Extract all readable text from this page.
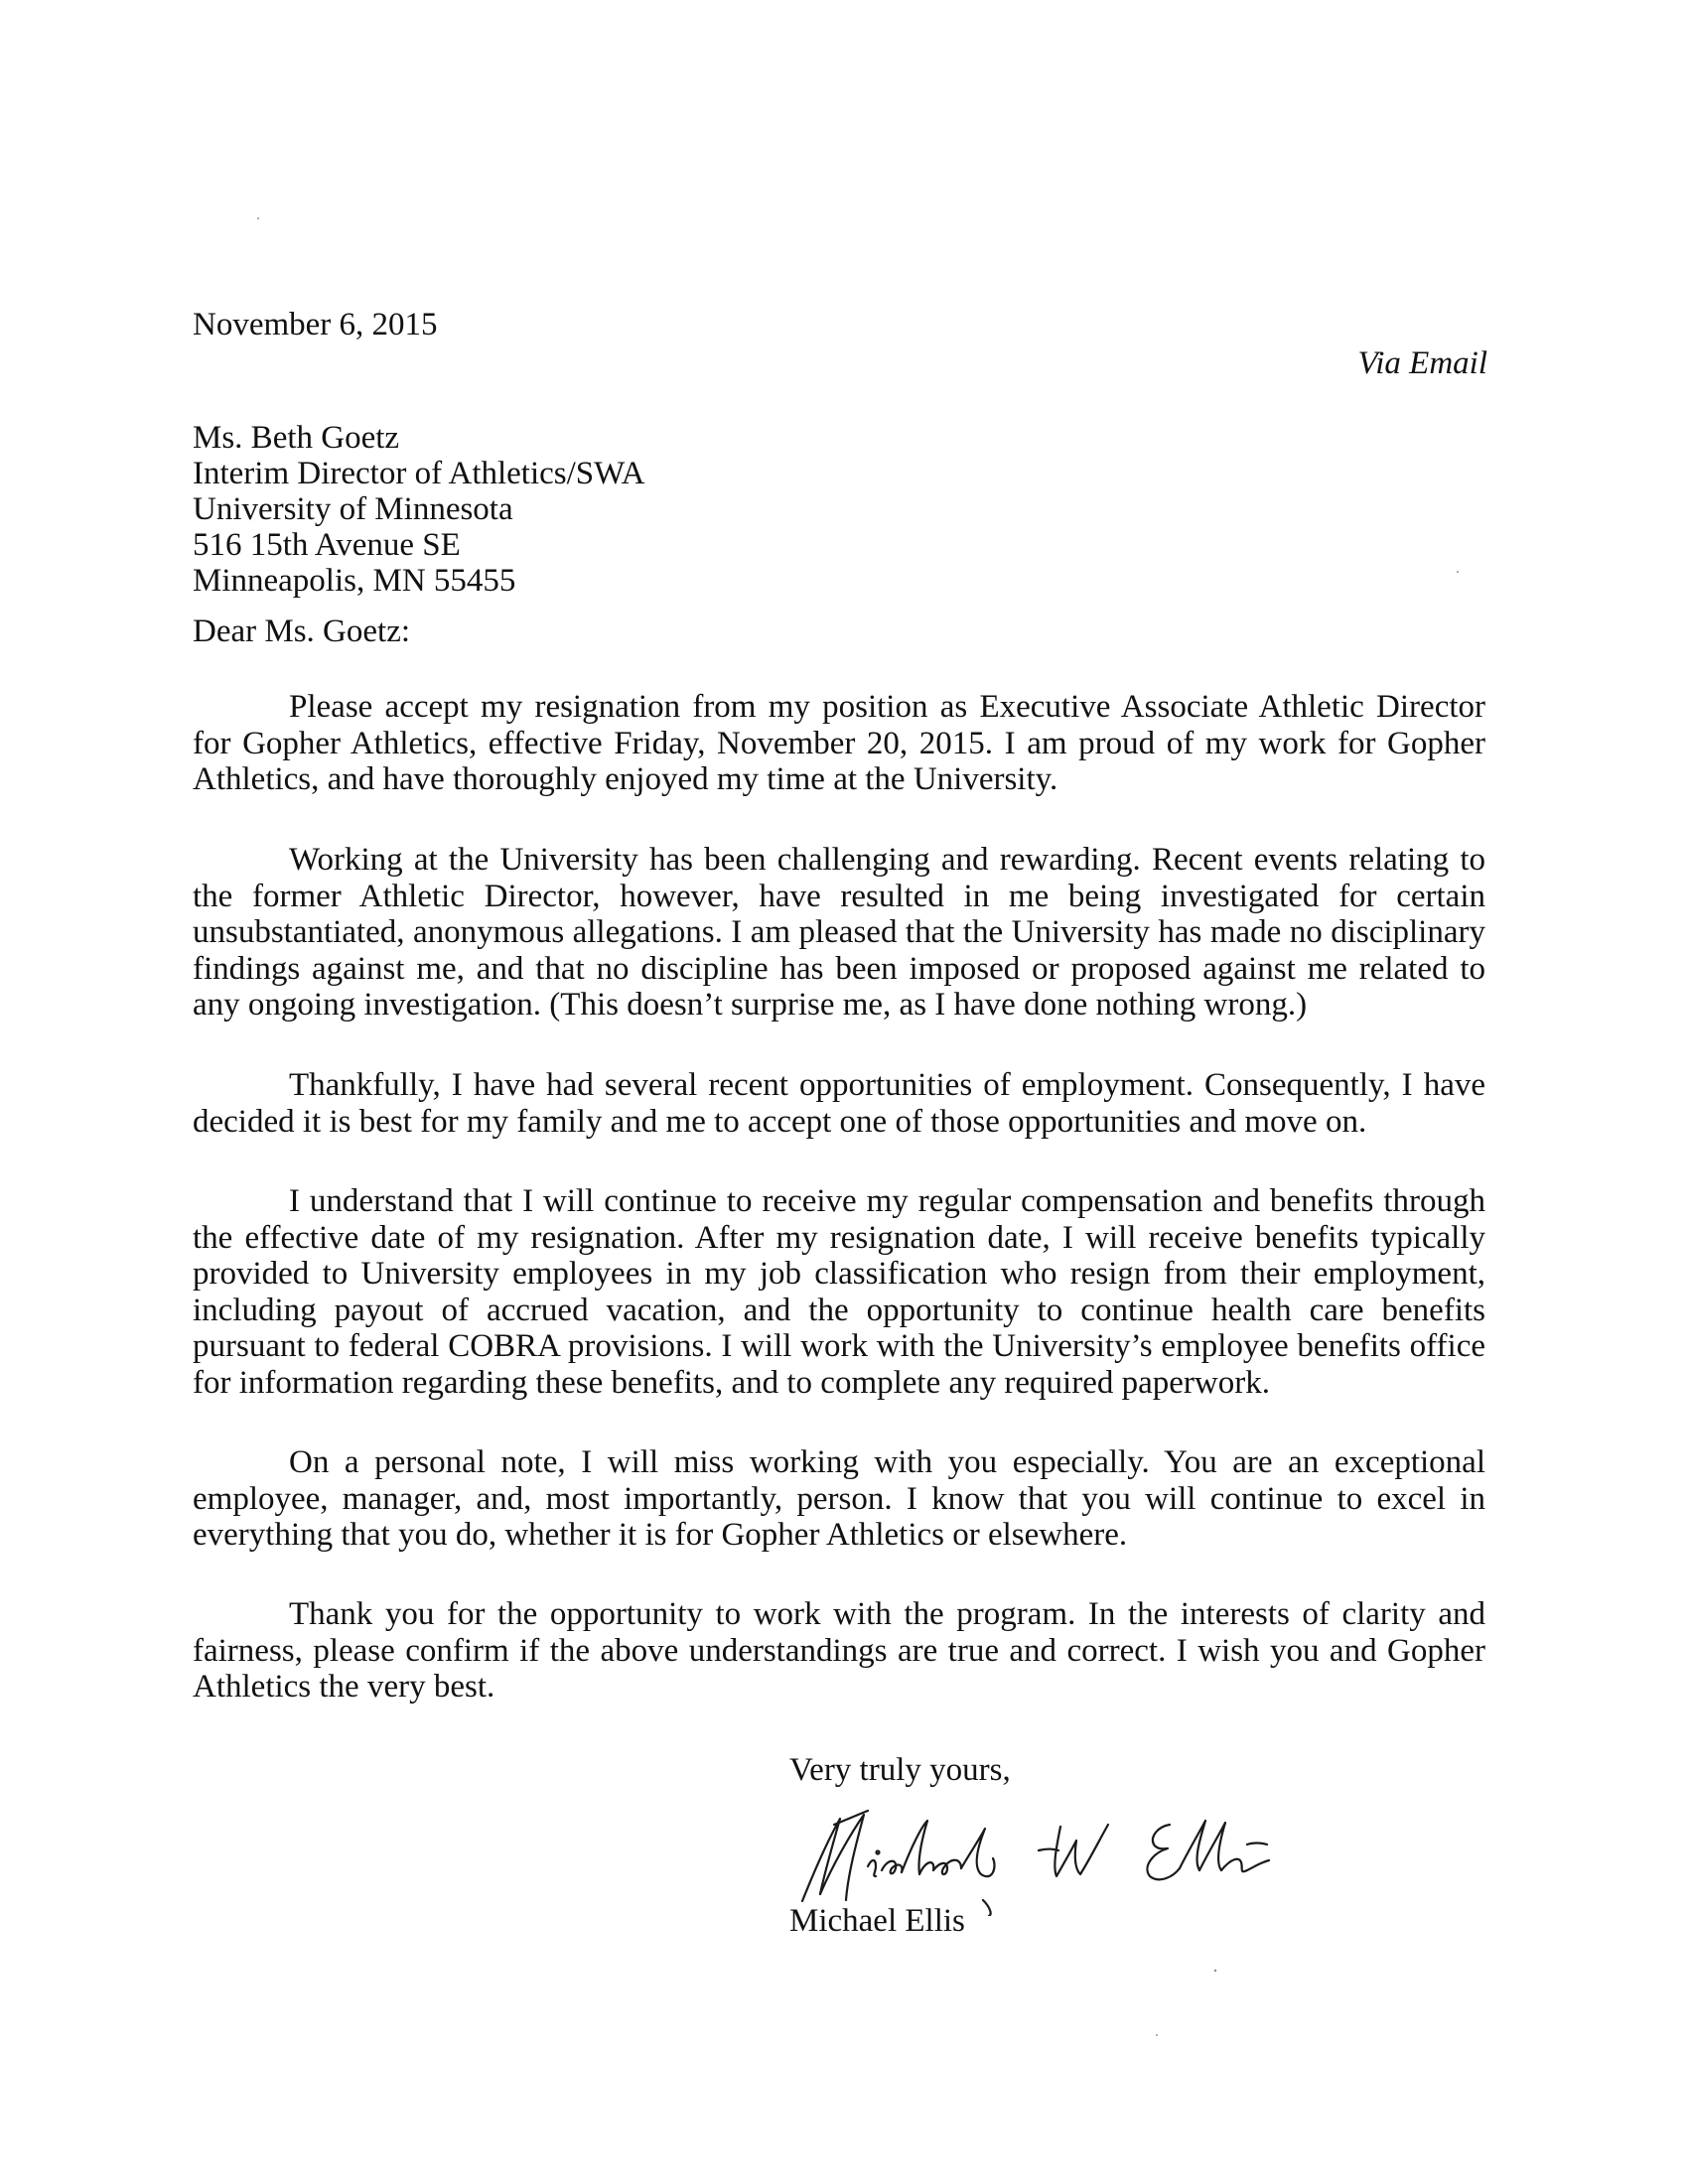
November 6, 2015

Via Email

Ms. Beth Goetz
Interim Director of Athletics/SWA
University of Minnesota
516 15th Avenue SE
Minneapolis, MN 55455

Dear Ms. Goetz:

Please accept my resignation from my position as Executive Associate Athletic Director for Gopher Athletics, effective Friday, November 20, 2015. I am proud of my work for Gopher Athletics, and have thoroughly enjoyed my time at the University.

Working at the University has been challenging and rewarding. Recent events relating to the former Athletic Director, however, have resulted in me being investigated for certain unsubstantiated, anonymous allegations. I am pleased that the University has made no disciplinary findings against me, and that no discipline has been imposed or proposed against me related to any ongoing investigation. (This doesn’t surprise me, as I have done nothing wrong.)

Thankfully, I have had several recent opportunities of employment. Consequently, I have decided it is best for my family and me to accept one of those opportunities and move on.

I understand that I will continue to receive my regular compensation and benefits through the effective date of my resignation. After my resignation date, I will receive benefits typically provided to University employees in my job classification who resign from their employment, including payout of accrued vacation, and the opportunity to continue health care benefits pursuant to federal COBRA provisions. I will work with the University’s employee benefits office for information regarding these benefits, and to complete any required paperwork.

On a personal note, I will miss working with you especially. You are an exceptional employee, manager, and, most importantly, person. I know that you will continue to excel in everything that you do, whether it is for Gopher Athletics or elsewhere.

Thank you for the opportunity to work with the program. In the interests of clarity and fairness, please confirm if the above understandings are true and correct. I wish you and Gopher Athletics the very best.

Very truly yours,

Michael Ellis
